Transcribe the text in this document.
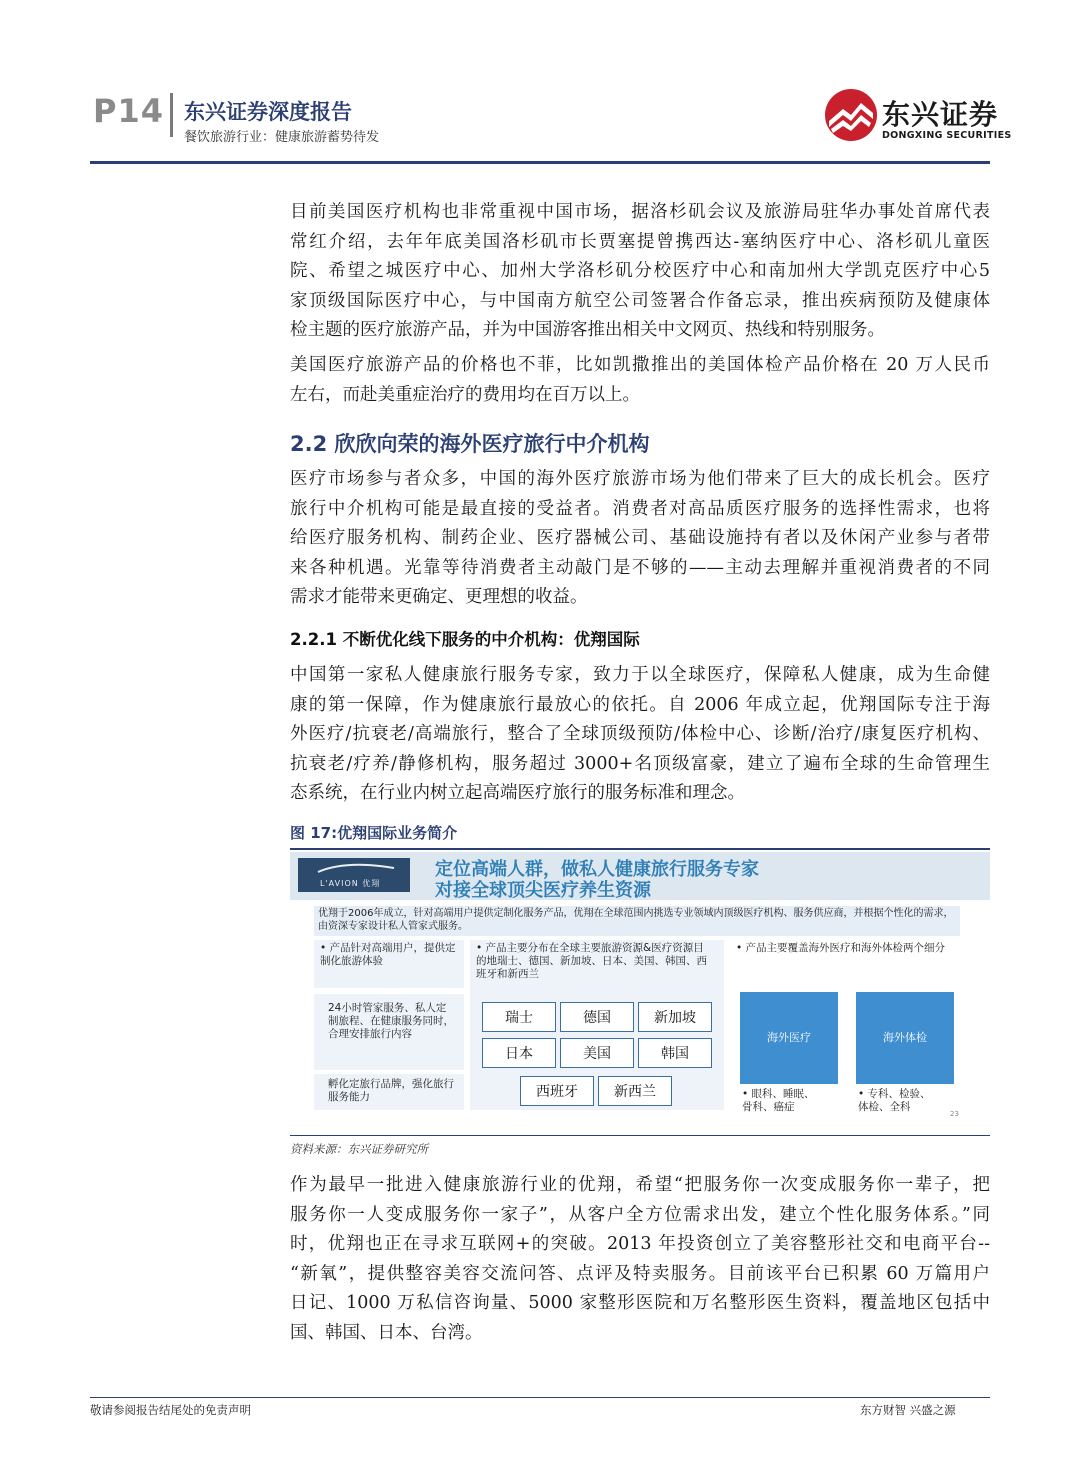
P14 东兴证券深度报告
餐饮旅游行业：健康旅游蓄势待发
东兴证券
DONGXING SECURITIES
目前美国医疗机构也非常重视中国市场，据洛杉矶会议及旅游局驻华办事处首席代表
常红介绍，去年年底美国洛杉矶市长贾塞提曾携西达-塞纳医疗中心、洛杉矶儿童医
院、希望之城医疗中心、加州大学洛杉矶分校医疗中心和南加州大学凯克医疗中心5
家顶级国际医疗中心，与中国南方航空公司签署合作备忘录，推出疾病预防及健康体
检主题的医疗旅游产品，并为中国游客推出相关中文网页、热线和特别服务。
美国医疗旅游产品的价格也不菲，比如凯撒推出的美国体检产品价格在 20 万人民币
左右，而赴美重症治疗的费用均在百万以上。
2.2 欣欣向荣的海外医疗旅行中介机构
医疗市场参与者众多，中国的海外医疗旅游市场为他们带来了巨大的成长机会。医疗
旅行中介机构可能是最直接的受益者。消费者对高品质医疗服务的选择性需求，也将
给医疗服务机构、制药企业、医疗器械公司、基础设施持有者以及休闲产业参与者带
来各种机遇。光靠等待消费者主动敲门是不够的——主动去理解并重视消费者的不同
需求才能带来更确定、更理想的收益。
2.2.1 不断优化线下服务的中介机构：优翔国际
中国第一家私人健康旅行服务专家，致力于以全球医疗，保障私人健康，成为生命健
康的第一保障，作为健康旅行最放心的依托。自 2006 年成立起，优翔国际专注于海
外医疗/抗衰老/高端旅行，整合了全球顶级预防/体检中心、诊断/治疗/康复医疗机构、
抗衰老/疗养/静修机构，服务超过 3000+名顶级富豪，建立了遍布全球的生命管理生
态系统，在行业内树立起高端医疗旅行的服务标准和理念。
图 17:优翔国际业务简介
L'AVION 优翔
定位高端人群，做私人健康旅行服务专家
对接全球顶尖医疗养生资源
优翔于2006年成立，针对高端用户提供定制化服务产品，优翔在全球范围内挑选专业领域内顶级医疗机构、服务供应商，并根据个性化的需求，由资深专家设计私人管家式服务。
• 产品针对高端用户，提供定制化旅游体验
24小时管家服务、私人定制旅程、在健康服务同时，合理安排旅行内容
孵化定旅行品牌，强化旅行服务能力
• 产品主要分布在全球主要旅游资源&医疗资源目的地瑞士、德国、新加坡、日本、美国、韩国、西班牙和新西兰
瑞士	德国	新加坡
日本	美国	韩国
西班牙	新西兰
• 产品主要覆盖海外医疗和海外体检两个细分
海外医疗	海外体检
• 眼科、睡眠、骨科、癌症
• 专科、检验、体检、全科
23
资料来源：东兴证券研究所
作为最早一批进入健康旅游行业的优翔，希望“把服务你一次变成服务你一辈子，把
服务你一人变成服务你一家子”，从客户全方位需求出发，建立个性化服务体系。”同
时，优翔也正在寻求互联网+的突破。2013 年投资创立了美容整形社交和电商平台--
“新氧”，提供整容美容交流问答、点评及特卖服务。目前该平台已积累 60 万篇用户
日记、1000 万私信咨询量、5000 家整形医院和万名整形医生资料，覆盖地区包括中
国、韩国、日本、台湾。
敬请参阅报告结尾处的免责声明	东方财智 兴盛之源
